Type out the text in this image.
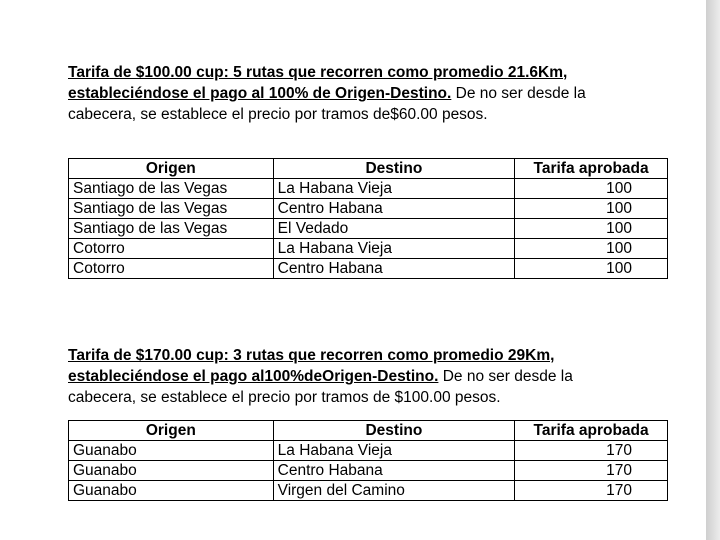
Tarifa de $100.00 cup: 5 rutas que recorren como promedio 21.6Km, estableciéndose el pago al 100% de Origen-Destino. De no ser desde la cabecera, se establece el precio por tramos de$60.00 pesos.
Origen	Destino	Tarifa aprobada
Santiago de las Vegas	La Habana Vieja	100
Santiago de las Vegas	Centro Habana	100
Santiago de las Vegas	El Vedado	100
Cotorro	La Habana Vieja	100
Cotorro	Centro Habana	100
Tarifa de $170.00 cup: 3 rutas que recorren como promedio 29Km, estableciéndose el pago al100%deOrigen-Destino. De no ser desde la cabecera, se establece el precio por tramos de $100.00 pesos.
Origen	Destino	Tarifa aprobada
Guanabo	La Habana Vieja	170
Guanabo	Centro Habana	170
Guanabo	Virgen del Camino	170
